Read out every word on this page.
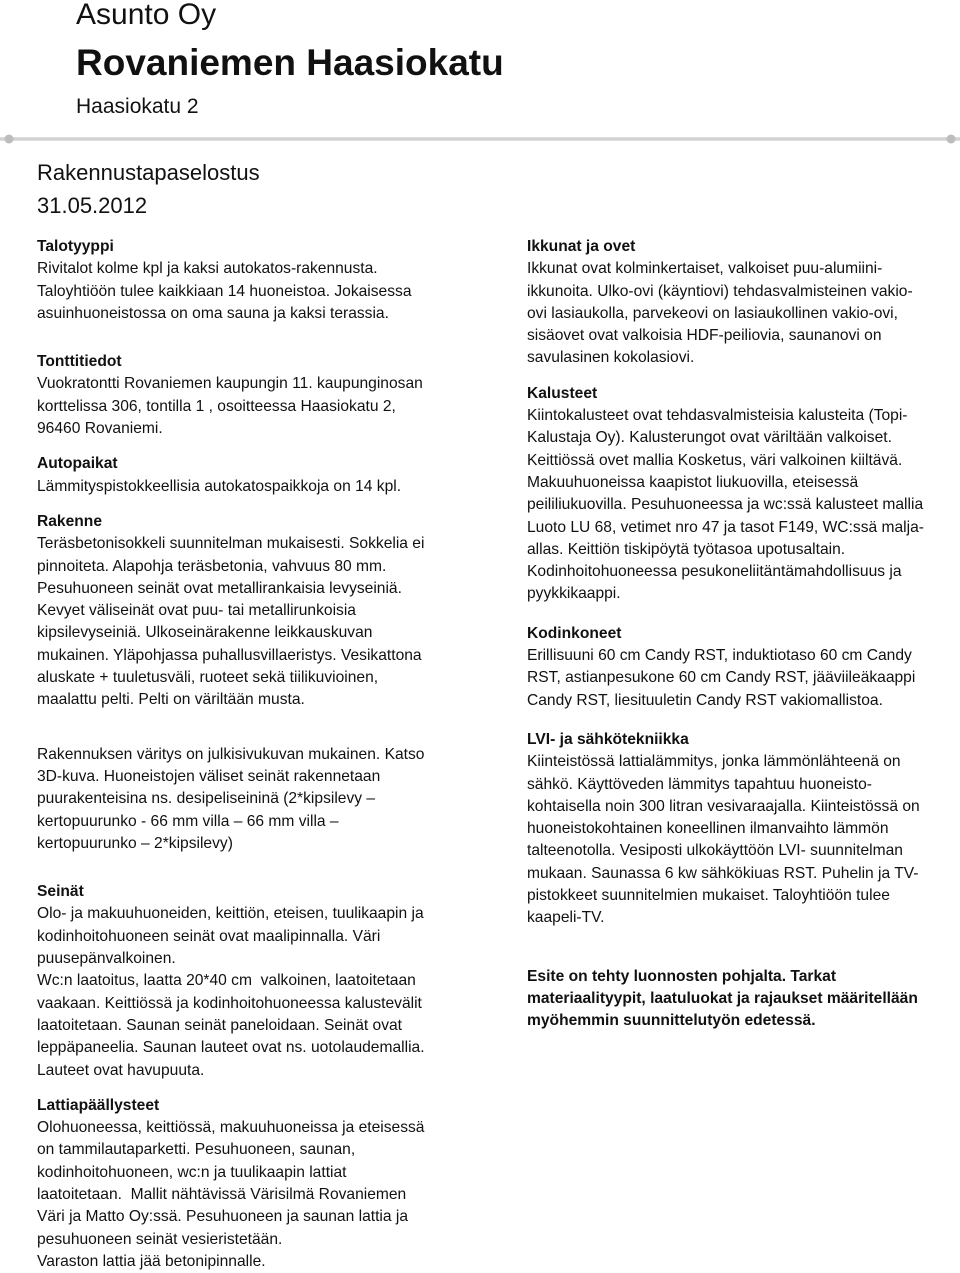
Asunto Oy
Rovaniemen Haasiokatu
Haasiokatu 2
Rakennustapaselostus
31.05.2012
Talotyyppi
Rivitalot kolme kpl ja kaksi autokatos-rakennusta.
Taloyhtiöön tulee kaikkiaan 14 huoneistoa. Jokaisessa
asuinhuoneistossa on oma sauna ja kaksi terassia.
Tonttitiedot
Vuokratontti Rovaniemen kaupungin 11. kaupunginosan
korttelissa 306, tontilla 1 , osoitteessa Haasiokatu 2,
96460 Rovaniemi.
Autopaikat
Lämmityspistokkeellisia autokatospaikkoja on 14 kpl.
Rakenne
Teräsbetonisokkeli suunnitelman mukaisesti. Sokkelia ei
pinnoiteta. Alapohja teräsbetonia, vahvuus 80 mm.
Pesuhuoneen seinät ovat metallirankaisia levyseiniä.
Kevyet väliseinät ovat puu- tai metallirunkoisia
kipsilevyseiniä. Ulkoseinärakenne leikkauskuvan
mukainen. Yläpohjassa puhallusvillaeristys. Vesikattona
aluskate + tuuletusväli, ruoteet sekä tiilikuvioinen,
maalattu pelti. Pelti on väriltään musta.
Rakennuksen väritys on julkisivukuvan mukainen. Katso
3D-kuva. Huoneistojen väliset seinät rakennetaan
puurakenteisina ns. desipeliseininä (2*kipsilevy –
kertopuurunko - 66 mm villa – 66 mm villa –
kertopuurunko – 2*kipsilevy)
Seinät
Olo- ja makuuhuoneiden, keittiön, eteisen, tuulikaapin ja
kodinhoitohuoneen seinät ovat maalipinnalla. Väri
puusepänvalkoinen.
Wc:n laatoitus, laatta 20*40 cm  valkoinen, laatoitetaan
vaakaan. Keittiössä ja kodinhoitohuoneessa kalustevälit
laatoitetaan. Saunan seinät paneloidaan. Seinät ovat
leppäpaneelia. Saunan lauteet ovat ns. uotolaudemallia.
Lauteet ovat havupuuta.
Lattiapäällysteet
Olohuoneessa, keittiössä, makuuhuoneissa ja eteisessä
on tammilautaparketti. Pesuhuoneen, saunan,
kodinhoitohuoneen, wc:n ja tuulikaapin lattiat
laatoitetaan.  Mallit nähtävissä Värisilmä Rovaniemen
Väri ja Matto Oy:ssä. Pesuhuoneen ja saunan lattia ja
pesuhuoneen seinät vesieristetään.
Varaston lattia jää betonipinnalle.
Ikkunat ja ovet
Ikkunat ovat kolminkertaiset, valkoiset puu-alumiini-
ikkunoita. Ulko-ovi (käyntiovi) tehdasvalmisteinen vakio-
ovi lasiaukolla, parvekeovi on lasiaukollinen vakio-ovi,
sisäovet ovat valkoisia HDF-peiliovia, saunanovi on
savulasinen kokolasiovi.
Kalusteet
Kiintokalusteet ovat tehdasvalmisteisia kalusteita (Topi-
Kalustaja Oy). Kalusterungot ovat väriltään valkoiset.
Keittiössä ovet mallia Kosketus, väri valkoinen kiiltävä.
Makuuhuoneissa kaapistot liukuovilla, eteisessä
peililiukuovilla. Pesuhuoneessa ja wc:ssä kalusteet mallia
Luoto LU 68, vetimet nro 47 ja tasot F149, WC:ssä malja-
allas. Keittiön tiskipöytä työtasoa upotusaltain.
Kodinhoitohuoneessa pesukoneliitäntämahdollisuus ja
pyykkikaappi.
Kodinkoneet
Erillisuuni 60 cm Candy RST, induktiotaso 60 cm Candy
RST, astianpesukone 60 cm Candy RST, jääviileäkaappi
Candy RST, liesituuletin Candy RST vakiomallistoa.
LVI- ja sähkötekniikka
Kiinteistössä lattialämmitys, jonka lämmönlähteenä on
sähkö. Käyttöveden lämmitys tapahtuu huoneisto-
kohtaisella noin 300 litran vesivaraajalla. Kiinteistössä on
huoneistokohtainen koneellinen ilmanvaihto lämmön
talteenotolla. Vesiposti ulkokäyttöön LVI- suunnitelman
mukaan. Saunassa 6 kw sähkökiuas RST. Puhelin ja TV-
pistokkeet suunnitelmien mukaiset. Taloyhtiöön tulee
kaapeli-TV.
Esite on tehty luonnosten pohjalta. Tarkat
materiaalityypit, laatuluokat ja rajaukset määritellään
myöhemmin suunnittelutyön edetessä.
